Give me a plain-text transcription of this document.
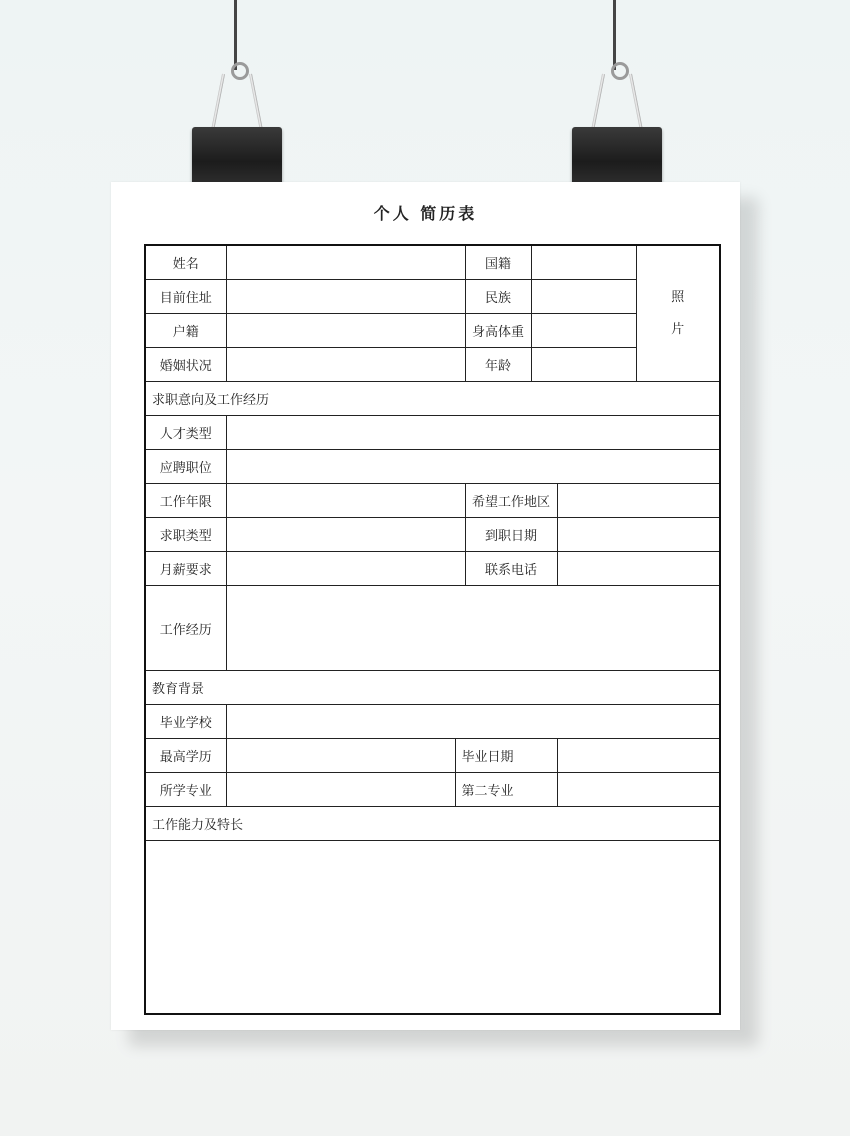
个人 简历表
姓名			国籍			照
片
目前住址			民族			
户籍			身高体重			
婚姻状况			年龄			
求职意向及工作经历						
人才类型						
应聘职位						
工作年限			希望工作地区			
求职类型			到职日期			
月薪要求			联系电话			
工作经历						
教育背景						
毕业学校						
最高学历		毕业日期				
所学专业		第二专业				
工作能力及特长						
